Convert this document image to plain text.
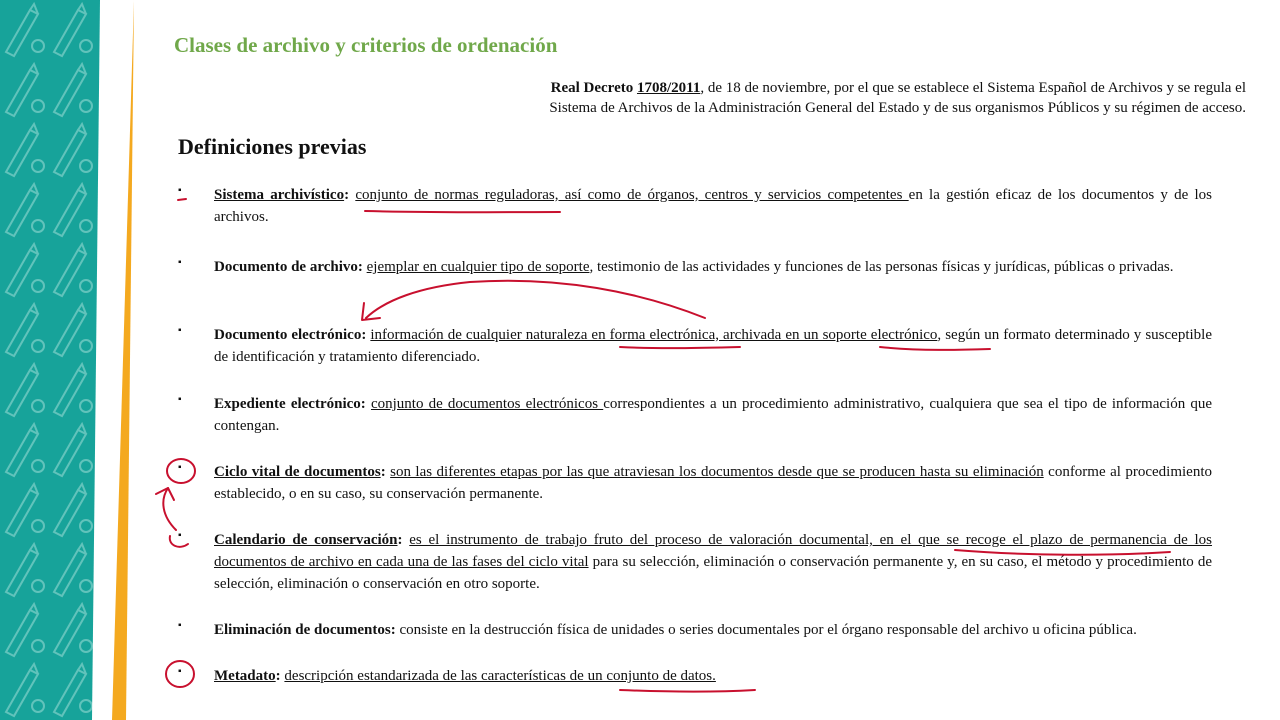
Clases de archivo y criterios de ordenación

Real Decreto 1708/2011, de 18 de noviembre, por el que se establece el Sistema Español de Archivos y se regula el Sistema de Archivos de la Administración General del Estado y de sus organismos Públicos y su régimen de acceso.

Definiciones previas
▪ Sistema archivístico: conjunto de normas reguladoras, así como de órganos, centros y servicios competentes en la gestión eficaz de los documentos y de los archivos.
▪ Documento de archivo: ejemplar en cualquier tipo de soporte, testimonio de las actividades y funciones de las personas físicas y jurídicas, públicas o privadas.
▪ Documento electrónico: información de cualquier naturaleza en forma electrónica, archivada en un soporte electrónico, según un formato determinado y susceptible de identificación y tratamiento diferenciado.
▪ Expediente electrónico: conjunto de documentos electrónicos correspondientes a un procedimiento administrativo, cualquiera que sea el tipo de información que contengan.
▪ Ciclo vital de documentos: son las diferentes etapas por las que atraviesan los documentos desde que se producen hasta su eliminación conforme al procedimiento establecido, o en su caso, su conservación permanente.
▪ Calendario de conservación: es el instrumento de trabajo fruto del proceso de valoración documental, en el que se recoge el plazo de permanencia de los documentos de archivo en cada una de las fases del ciclo vital para su selección, eliminación o conservación permanente y, en su caso, el método y procedimiento de selección, eliminación o conservación en otro soporte.
▪ Eliminación de documentos: consiste en la destrucción física de unidades o series documentales por el órgano responsable del archivo u oficina pública.
▪ Metadato: descripción estandarizada de las características de un conjunto de datos.
